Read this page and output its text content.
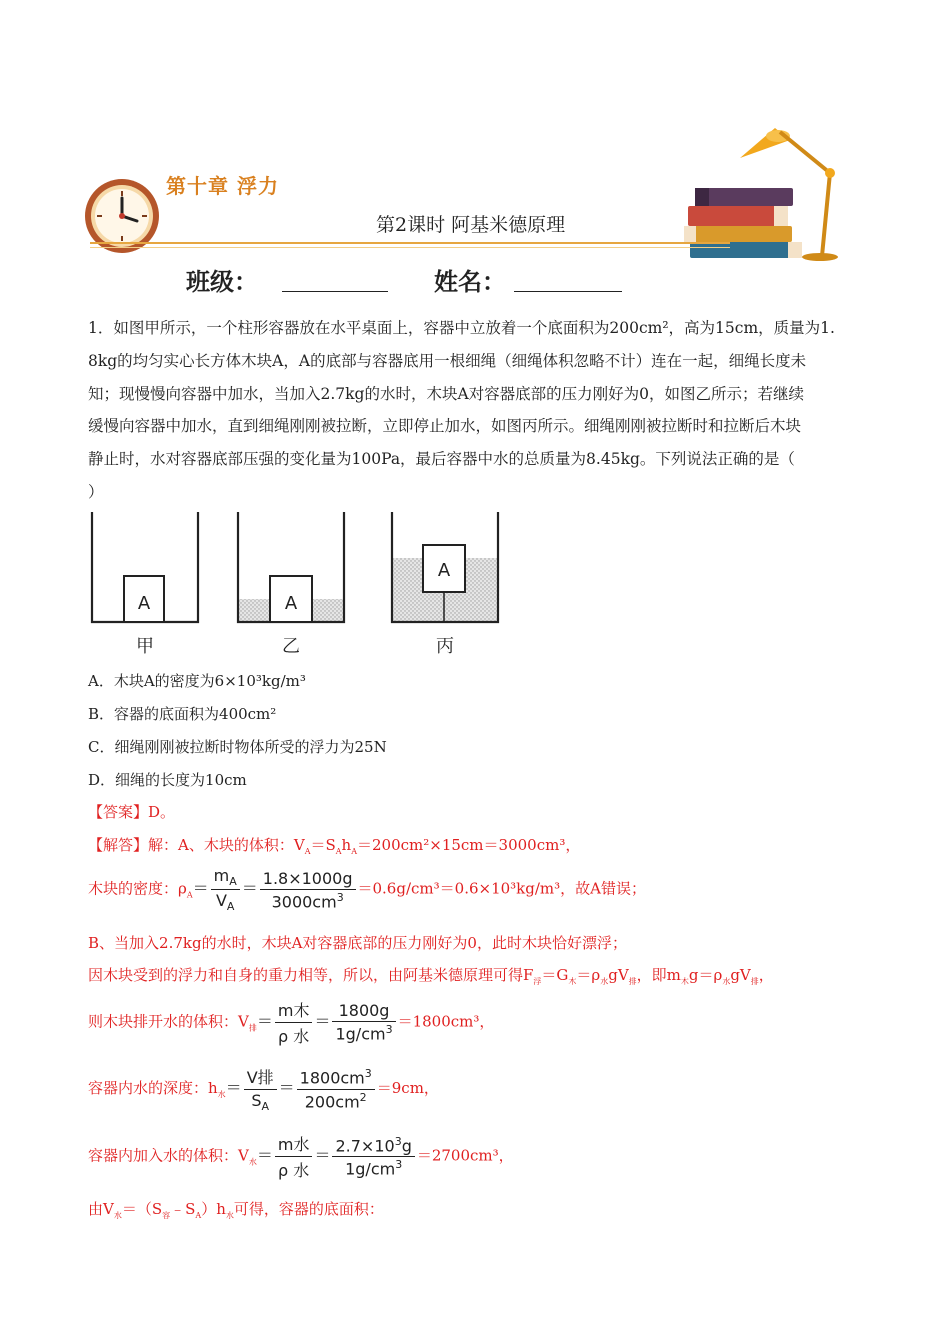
第十章 浮力
第2课时 阿基米德原理
班级：	姓名：

1．如图甲所示，一个柱形容器放在水平桌面上，容器中立放着一个底面积为200cm²，高为15cm，质量为1.

8kg的均匀实心长方体木块A，A的底部与容器底用一根细绳（细绳体积忽略不计）连在一起，细绳长度未

知；现慢慢向容器中加水，当加入2.7kg的水时，木块A对容器底部的压力刚好为0，如图乙所示；若继续

缓慢向容器中加水，直到细绳刚刚被拉断，立即停止加水，如图丙所示。细绳刚刚被拉断时和拉断后木块

静止时，水对容器底部压强的变化量为100Pa，最后容器中水的总质量为8.45kg。下列说法正确的是（

）

A	A
A
甲	乙	丙
A．木块A的密度为6×10³kg/m³
B．容器的底面积为400cm²
C．细绳刚刚被拉断时物体所受的浮力为25N
D．细绳的长度为10cm
【答案】D。
【解答】解：A、木块的体积：$V_A=S_Ah_A=200cm^2\times 15cm=3000cm^3$，
木块的密度：$\rho_A= \frac{m_A}{V_A} = \frac{1.8\times 1000g}{3000cm^3} =0.6g/cm^3=0.6\times 10^3kg/m^3$，故A错误；
B、当加入2.7kg的水时，木块A对容器底部的压力刚好为0，此时木块恰好漂浮；
因木块受到的浮力和自身的重力相等，所以，由阿基米德原理可得$F_浮=G_木=\rho_水gV_排$，即$m_木g=\rho_水gV_排$，
则木块排开水的体积：$V_排= \frac{\text{m木}}{\text{ρ 水}} = \frac{1800g}{1g/cm^3} =1800cm^3$，
容器内水的深度：$h_水= \frac{\text{V排}}{S_A} = \frac{1800cm^3}{200cm^2} =9cm$，
容器内加入水的体积：$V_水= \frac{\text{m水}}{\text{ρ 水}} = \frac{2.7\times 10^3g}{1g/cm^3} =2700cm^3$，
由$V_水=(S_容﹣S_A)h_水$可得，容器的底面积：
